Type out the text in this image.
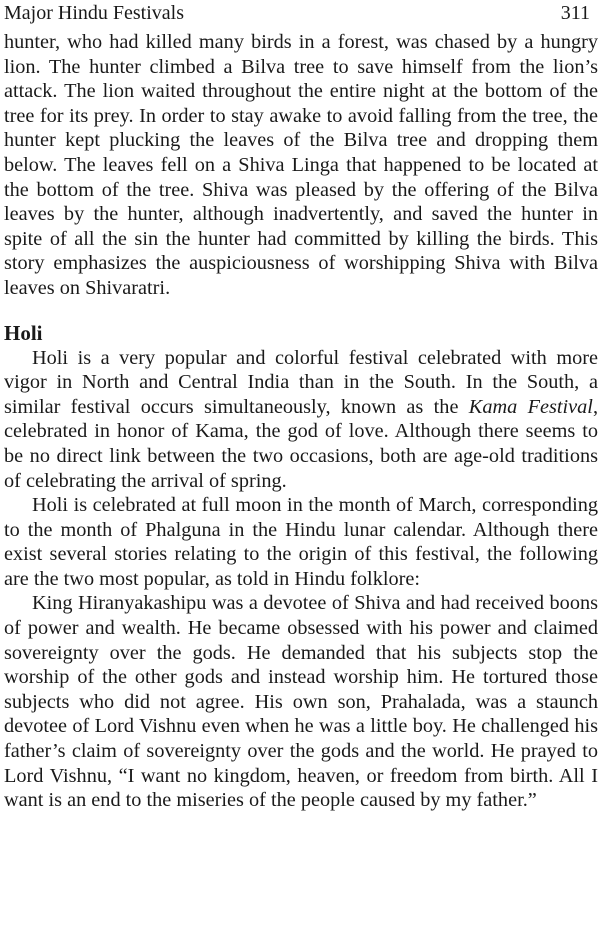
Major Hindu Festivals	311

hunter, who had killed many birds in a forest, was chased by a hungry lion. The hunter climbed a Bilva tree to save himself from the lion’s attack. The lion waited throughout the entire night at the bottom of the tree for its prey. In order to stay awake to avoid falling from the tree, the hunter kept plucking the leaves of the Bilva tree and dropping them below. The leaves fell on a Shiva Linga that happened to be located at the bottom of the tree. Shiva was pleased by the offering of the Bilva leaves by the hunter, although inadvertently, and saved the hunter in spite of all the sin the hunter had committed by killing the birds. This story emphasizes the auspiciousness of worshipping Shiva with Bilva leaves on Shivaratri.

Holi

Holi is a very popular and colorful festival celebrated with more vigor in North and Central India than in the South. In the South, a similar festival occurs simultaneously, known as the Kama Festival, celebrated in honor of Kama, the god of love. Although there seems to be no direct link between the two occasions, both are age-old traditions of celebrating the arrival of spring.

Holi is celebrated at full moon in the month of March, corresponding to the month of Phalguna in the Hindu lunar calendar. Although there exist several stories relating to the origin of this festival, the following are the two most popular, as told in Hindu folklore:

King Hiranyakashipu was a devotee of Shiva and had received boons of power and wealth. He became obsessed with his power and claimed sovereignty over the gods. He demanded that his subjects stop the worship of the other gods and instead worship him. He tortured those subjects who did not agree. His own son, Prahalada, was a staunch devotee of Lord Vishnu even when he was a little boy. He challenged his father’s claim of sovereignty over the gods and the world. He prayed to Lord Vishnu, “I want no kingdom, heaven, or freedom from birth. All I want is an end to the miseries of the people caused by my father.”
